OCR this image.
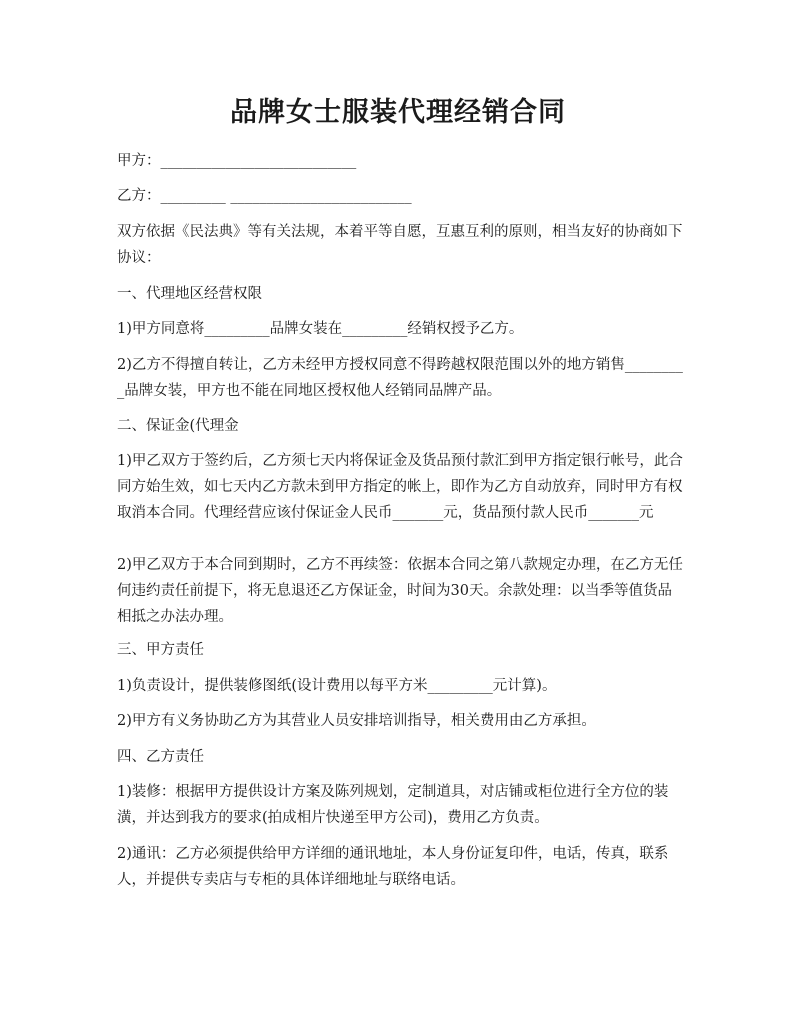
品牌女士服装代理经销合同
甲方：___________________________
乙方：_________ _________________________
双方依据《民法典》等有关法规，本着平等自愿，互惠互利的原则，相当友好的协商如下协议：
一、代理地区经营权限
1)甲方同意将_________品牌女装在_________经销权授予乙方。
2)乙方不得擅自转让，乙方未经甲方授权同意不得跨越权限范围以外的地方销售_________品牌女装，甲方也不能在同地区授权他人经销同品牌产品。
二、保证金(代理金
1)甲乙双方于签约后，乙方须七天内将保证金及货品预付款汇到甲方指定银行帐号，此合同方始生效，如七天内乙方款未到甲方指定的帐上，即作为乙方自动放弃，同时甲方有权取消本合同。代理经营应该付保证金人民币_______元，货品预付款人民币_______元
2)甲乙双方于本合同到期时，乙方不再续签：依据本合同之第八款规定办理，在乙方无任何违约责任前提下，将无息退还乙方保证金，时间为30天。余款处理：以当季等值货品相抵之办法办理。
三、甲方责任
1)负责设计，提供装修图纸(设计费用以每平方米_________元计算)。
2)甲方有义务协助乙方为其营业人员安排培训指导，相关费用由乙方承担。
四、乙方责任
1)装修：根据甲方提供设计方案及陈列规划，定制道具，对店铺或柜位进行全方位的装潢，并达到我方的要求(拍成相片快递至甲方公司)，费用乙方负责。
2)通讯：乙方必须提供给甲方详细的通讯地址，本人身份证复印件，电话，传真，联系人，并提供专卖店与专柜的具体详细地址与联络电话。
